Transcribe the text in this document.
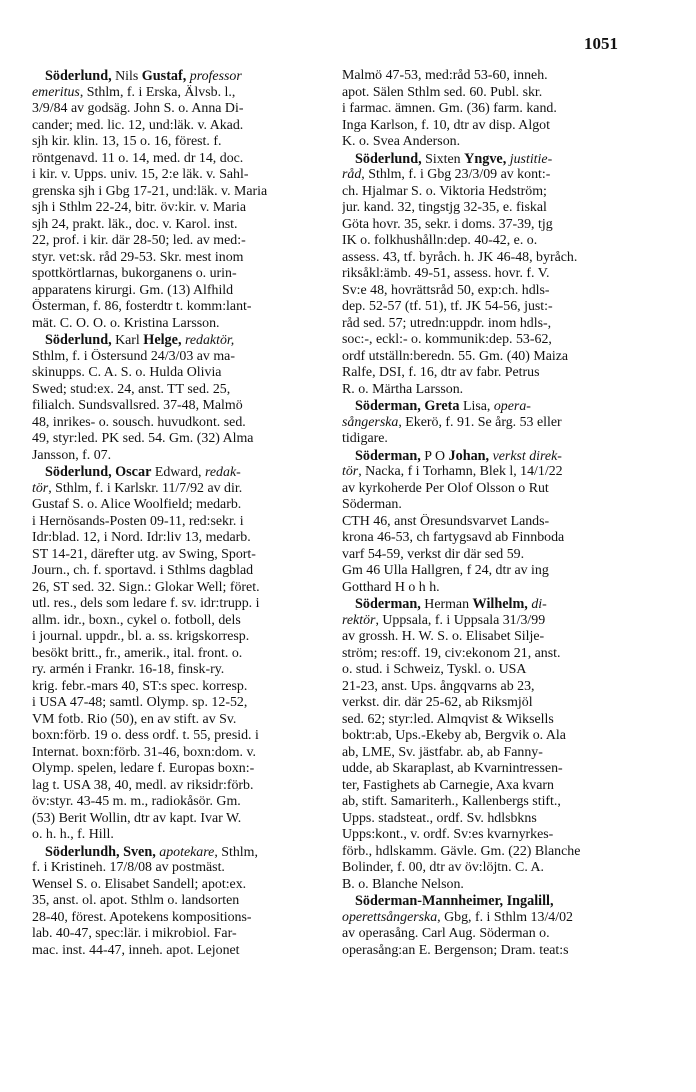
1051
Söderlund, Nils Gustaf, professor
emeritus, Sthlm, f. i Erska, Älvsb. l.,
3/9/84 av godsäg. John S. o. Anna Di-
cander; med. lic. 12, und:läk. v. Akad.
sjh kir. klin. 13, 15 o. 16, förest. f.
röntgenavd. 11 o. 14, med. dr 14, doc.
i kir. v. Upps. univ. 15, 2:e läk. v. Sahl-
grenska sjh i Gbg 17-21, und:läk. v. Maria
sjh i Sthlm 22-24, bitr. öv:kir. v. Maria
sjh 24, prakt. läk., doc. v. Karol. inst.
22, prof. i kir. där 28-50; led. av med:-
styr. vet:sk. råd 29-53. Skr. mest inom
spottkörtlarnas, bukorganens o. urin-
apparatens kirurgi. Gm. (13) Alfhild
Österman, f. 86, fosterdtr t. komm:lant-
mät. C. O. O. o. Kristina Larsson.
Söderlund, Karl Helge, redaktör,
Sthlm, f. i Östersund 24/3/03 av ma-
skinupps. C. A. S. o. Hulda Olivia
Swed; stud:ex. 24, anst. TT sed. 25,
filialch. Sundsvallsred. 37-48, Malmö
48, inrikes- o. sousch. huvudkont. sed.
49, styr:led. PK sed. 54. Gm. (32) Alma
Jansson, f. 07.
Söderlund, Oscar Edward, redak-
tör, Sthlm, f. i Karlskr. 11/7/92 av dir.
Gustaf S. o. Alice Woolfield; medarb.
i Hernösands-Posten 09-11, red:sekr. i
Idr:blad. 12, i Nord. Idr:liv 13, medarb.
ST 14-21, därefter utg. av Swing, Sport-
Journ., ch. f. sportavd. i Sthlms dagblad
26, ST sed. 32. Sign.: Glokar Well; föret.
utl. res., dels som ledare f. sv. idr:trupp. i
allm. idr., boxn., cykel o. fotboll, dels
i journal. uppdr., bl. a. ss. krigskorresp.
besökt britt., fr., amerik., ital. front. o.
ry. armén i Frankr. 16-18, finsk-ry.
krig. febr.-mars 40, ST:s spec. korresp.
i USA 47-48; samtl. Olymp. sp. 12-52,
VM fotb. Rio (50), en av stift. av Sv.
boxn:förb. 19 o. dess ordf. t. 55, presid. i
Internat. boxn:förb. 31-46, boxn:dom. v.
Olymp. spelen, ledare f. Europas boxn:-
lag t. USA 38, 40, medl. av riksidr:förb.
öv:styr. 43-45 m. m., radiokåsör. Gm.
(53) Berit Wollin, dtr av kapt. Ivar W.
o. h. h., f. Hill.
Söderlundh, Sven, apotekare, Sthlm,
f. i Kristineh. 17/8/08 av postmäst.
Wensel S. o. Elisabet Sandell; apot:ex.
35, anst. ol. apot. Sthlm o. landsorten
28-40, förest. Apotekens kompositions-
lab. 40-47, spec:lär. i mikrobiol. Far-
mac. inst. 44-47, inneh. apot. Lejonet
Malmö 47-53, med:råd 53-60, inneh.
apot. Sälen Sthlm sed. 60. Publ. skr.
i farmac. ämnen. Gm. (36) farm. kand.
Inga Karlson, f. 10, dtr av disp. Algot
K. o. Svea Anderson.
Söderlund, Sixten Yngve, justitie-
råd, Sthlm, f. i Gbg 23/3/09 av kont:-
ch. Hjalmar S. o. Viktoria Hedström;
jur. kand. 32, tingstjg 32-35, e. fiskal
Göta hovr. 35, sekr. i doms. 37-39, tjg
IK o. folkhushålln:dep. 40-42, e. o.
assess. 43, tf. byråch. h. JK 46-48, byråch.
riksåkl:ämb. 49-51, assess. hovr. f. V.
Sv:e 48, hovrättsråd 50, exp:ch. hdls-
dep. 52-57 (tf. 51), tf. JK 54-56, just:-
råd sed. 57; utredn:uppdr. inom hdls-,
soc:-, eckl:- o. kommunik:dep. 53-62,
ordf utställn:beredn. 55. Gm. (40) Maiza
Ralfe, DSI, f. 16, dtr av fabr. Petrus
R. o. Märtha Larsson.
Söderman, Greta Lisa, opera-
sångerska, Ekerö, f. 91. Se årg. 53 eller
tidigare.
Söderman, P O Johan, verkst direk-
tör, Nacka, f i Torhamn, Blek l, 14/1/22
av kyrkoherde Per Olof Olsson o Rut
Söderman.
CTH 46, anst Öresundsvarvet Lands-
krona 46-53, ch fartygsavd ab Finnboda
varf 54-59, verkst dir där sed 59.
Gm 46 Ulla Hallgren, f 24, dtr av ing
Gotthard H o h h.
Söderman, Herman Wilhelm, di-
rektör, Uppsala, f. i Uppsala 31/3/99
av grossh. H. W. S. o. Elisabet Silje-
ström; res:off. 19, civ:ekonom 21, anst.
o. stud. i Schweiz, Tyskl. o. USA
21-23, anst. Ups. ångqvarns ab 23,
verkst. dir. där 25-62, ab Riksmjöl
sed. 62; styr:led. Almqvist & Wiksells
boktr:ab, Ups.-Ekeby ab, Bergvik o. Ala
ab, LME, Sv. jästfabr. ab, ab Fanny-
udde, ab Skaraplast, ab Kvarnintressen-
ter, Fastighets ab Carnegie, Axa kvarn
ab, stift. Samariterh., Kallenbergs stift.,
Upps. stadsteat., ordf. Sv. hdlsbkns
Upps:kont., v. ordf. Sv:es kvarnyrkes-
förb., hdlskamm. Gävle. Gm. (22) Blanche
Bolinder, f. 00, dtr av öv:löjtn. C. A.
B. o. Blanche Nelson.
Söderman-Mannheimer, Ingalill,
operettsångerska, Gbg, f. i Sthlm 13/4/02
av operasång. Carl Aug. Söderman o.
operasång:an E. Bergenson; Dram. teat:s
